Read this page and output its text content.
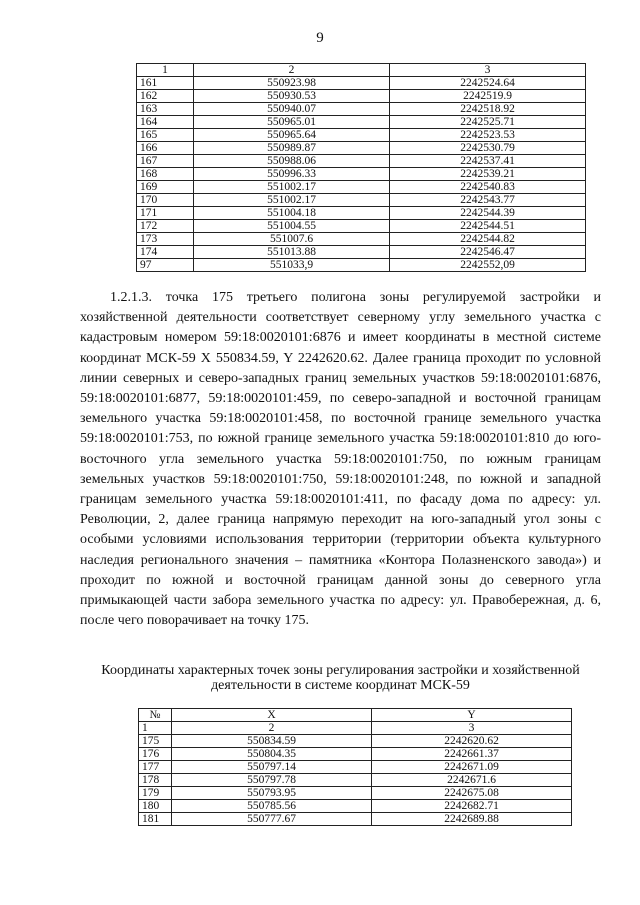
9
1	2	3
161	550923.98	2242524.64
162	550930.53	2242519.9
163	550940.07	2242518.92
164	550965.01	2242525.71
165	550965.64	2242523.53
166	550989.87	2242530.79
167	550988.06	2242537.41
168	550996.33	2242539.21
169	551002.17	2242540.83
170	551002.17	2242543.77
171	551004.18	2242544.39
172	551004.55	2242544.51
173	551007.6	2242544.82
174	551013.88	2242546.47
97	551033,9	2242552,09
1.2.1.3. точка 175 третьего полигона зоны регулируемой застройки и хозяйственной деятельности соответствует северному углу земельного участка с кадастровым номером 59:18:0020101:6876 и имеет координаты в местной системе координат МСК-59 X 550834.59, Y 2242620.62. Далее граница проходит по условной линии северных и северо-западных границ земельных участков 59:18:0020101:6876, 59:18:0020101:6877, 59:18:0020101:459, по северо-западной и восточной границам земельного участка 59:18:0020101:458, по восточной границе земельного участка 59:18:0020101:753, по южной границе земельного участка 59:18:0020101:810 до юго-восточного угла земельного участка 59:18:0020101:750, по южным границам земельных участков 59:18:0020101:750, 59:18:0020101:248, по южной и западной границам земельного участка 59:18:0020101:411, по фасаду дома по адресу: ул. Революции, 2, далее граница напрямую переходит на юго-западный угол зоны с особыми условиями использования территории (территории объекта культурного наследия регионального значения – памятника «Контора Полазненского завода») и проходит по южной и восточной границам данной зоны до северного угла примыкающей части забора земельного участка по адресу: ул. Правобережная, д. 6, после чего поворачивает на точку 175.
Координаты характерных точек зоны регулирования застройки и хозяйственной
деятельности в системе координат МСК-59
№	X	Y
1	2	3
175	550834.59	2242620.62
176	550804.35	2242661.37
177	550797.14	2242671.09
178	550797.78	2242671.6
179	550793.95	2242675.08
180	550785.56	2242682.71
181	550777.67	2242689.88
